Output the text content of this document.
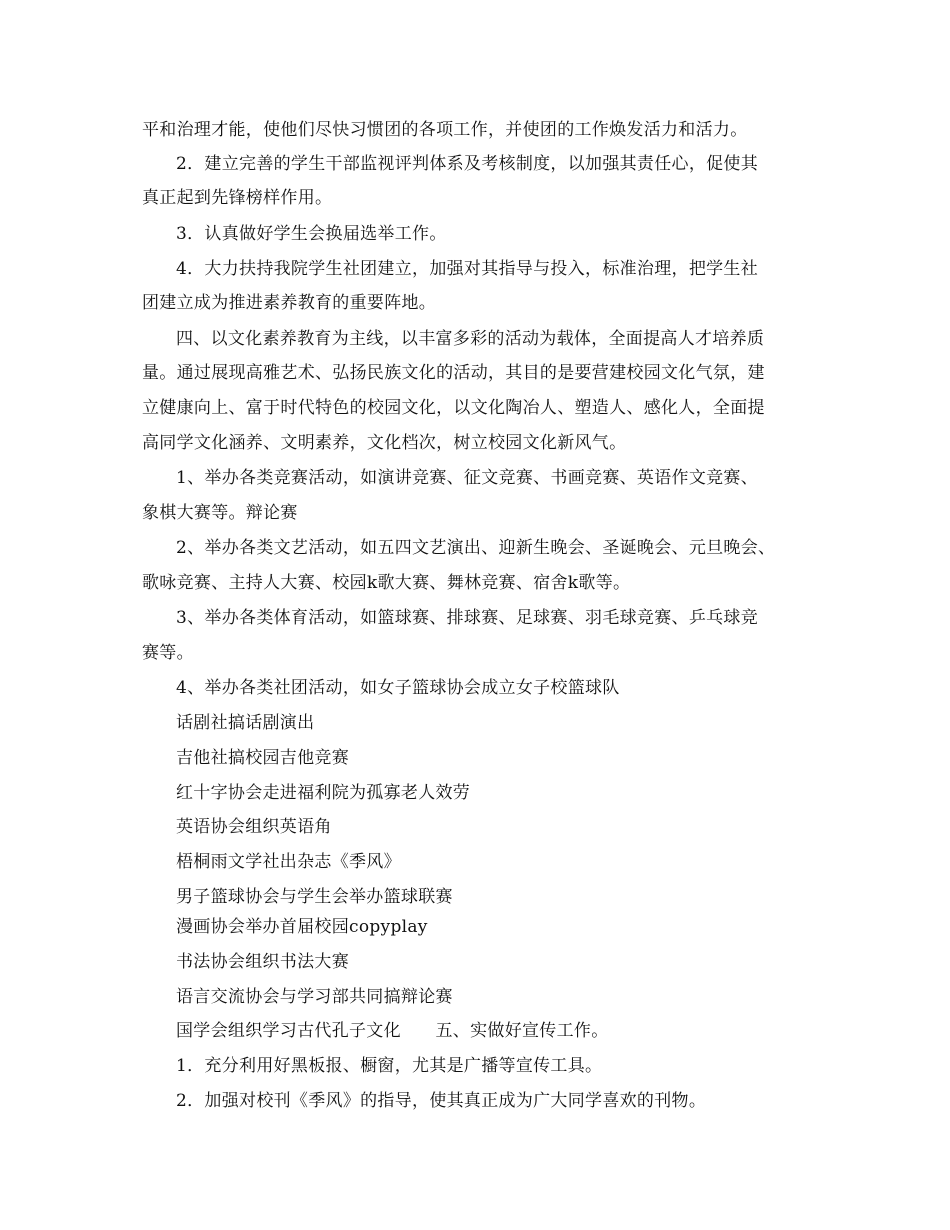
平和治理才能，使他们尽快习惯团的各项工作，并使团的工作焕发活力和活力。
2．建立完善的学生干部监视评判体系及考核制度，以加强其责任心，促使其
真正起到先锋榜样作用。
3．认真做好学生会换届选举工作。
4．大力扶持我院学生社团建立，加强对其指导与投入，标准治理，把学生社
团建立成为推进素养教育的重要阵地。
四、以文化素养教育为主线，以丰富多彩的活动为载体，全面提高人才培养质
量。通过展现高雅艺术、弘扬民族文化的活动，其目的是要营建校园文化气氛，建
立健康向上、富于时代特色的校园文化，以文化陶冶人、塑造人、感化人，全面提
高同学文化涵养、文明素养，文化档次，树立校园文化新风气。
1、举办各类竞赛活动，如演讲竞赛、征文竞赛、书画竞赛、英语作文竞赛、
象棋大赛等。辩论赛
2、举办各类文艺活动，如五四文艺演出、迎新生晚会、圣诞晚会、元旦晚会、
歌咏竞赛、主持人大赛、校园k歌大赛、舞林竞赛、宿舍k歌等。
3、举办各类体育活动，如篮球赛、排球赛、足球赛、羽毛球竞赛、乒乓球竞
赛等。
4、举办各类社团活动，如女子篮球协会成立女子校篮球队
话剧社搞话剧演出
吉他社搞校园吉他竞赛
红十字协会走进福利院为孤寡老人效劳
英语协会组织英语角
梧桐雨文学社出杂志《季风》
男子篮球协会与学生会举办篮球联赛
漫画协会举办首届校园copyplay
书法协会组织书法大赛
语言交流协会与学习部共同搞辩论赛
国学会组织学习古代孔子文化　　五、实做好宣传工作。
1．充分利用好黑板报、橱窗，尤其是广播等宣传工具。
2．加强对校刊《季风》的指导，使其真正成为广大同学喜欢的刊物。
